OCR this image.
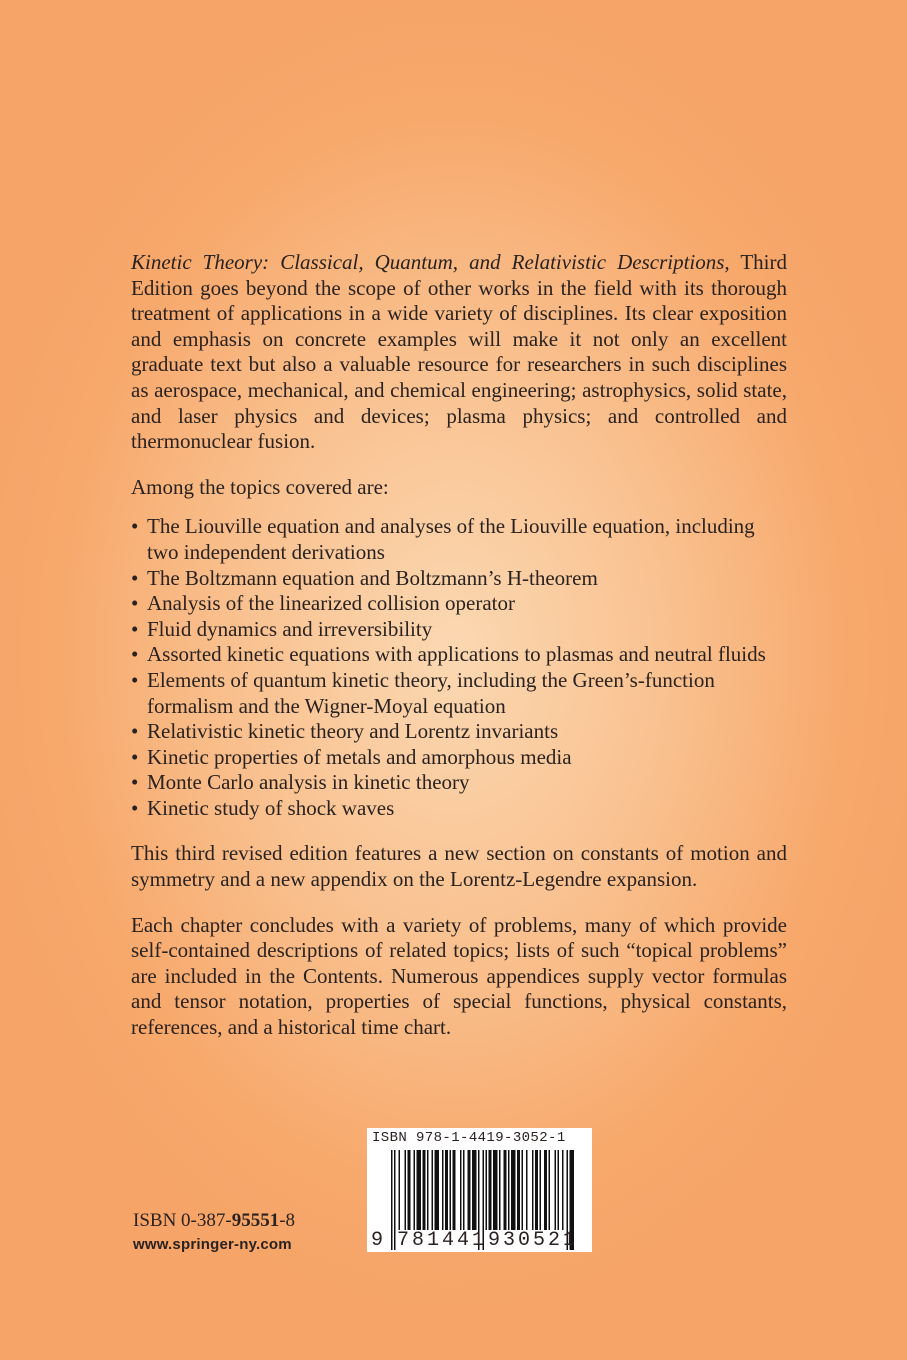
Kinetic Theory: Classical, Quantum, and Relativistic Descriptions, Third Edition goes beyond the scope of other works in the field with its thorough treatment of applications in a wide variety of disciplines. Its clear exposition and emphasis on concrete examples will make it not only an excellent graduate text but also a valuable resource for researchers in such disciplines as aerospace, mechanical, and chemical engineering; astrophysics, solid state, and laser physics and devices; plasma physics; and controlled and thermonuclear fusion.

Among the topics covered are:

• The Liouville equation and analyses of the Liouville equation, including two independent derivations
• The Boltzmann equation and Boltzmann’s H-theorem
• Analysis of the linearized collision operator
• Fluid dynamics and irreversibility
• Assorted kinetic equations with applications to plasmas and neutral fluids
• Elements of quantum kinetic theory, including the Green’s-function formalism and the Wigner-Moyal equation
• Relativistic kinetic theory and Lorentz invariants
• Kinetic properties of metals and amorphous media
• Monte Carlo analysis in kinetic theory
• Kinetic study of shock waves

This third revised edition features a new section on constants of motion and symmetry and a new appendix on the Lorentz-Legendre expansion.

Each chapter concludes with a variety of problems, many of which provide self-contained descriptions of related topics; lists of such “topical problems” are included in the Contents. Numerous appendices supply vector formulas and tensor notation, properties of special functions, physical constants, references, and a historical time chart.

ISBN 0-387-95551-8
www.springer-ny.com
ISBN 978-1-4419-3052-1
9 781441 930521
